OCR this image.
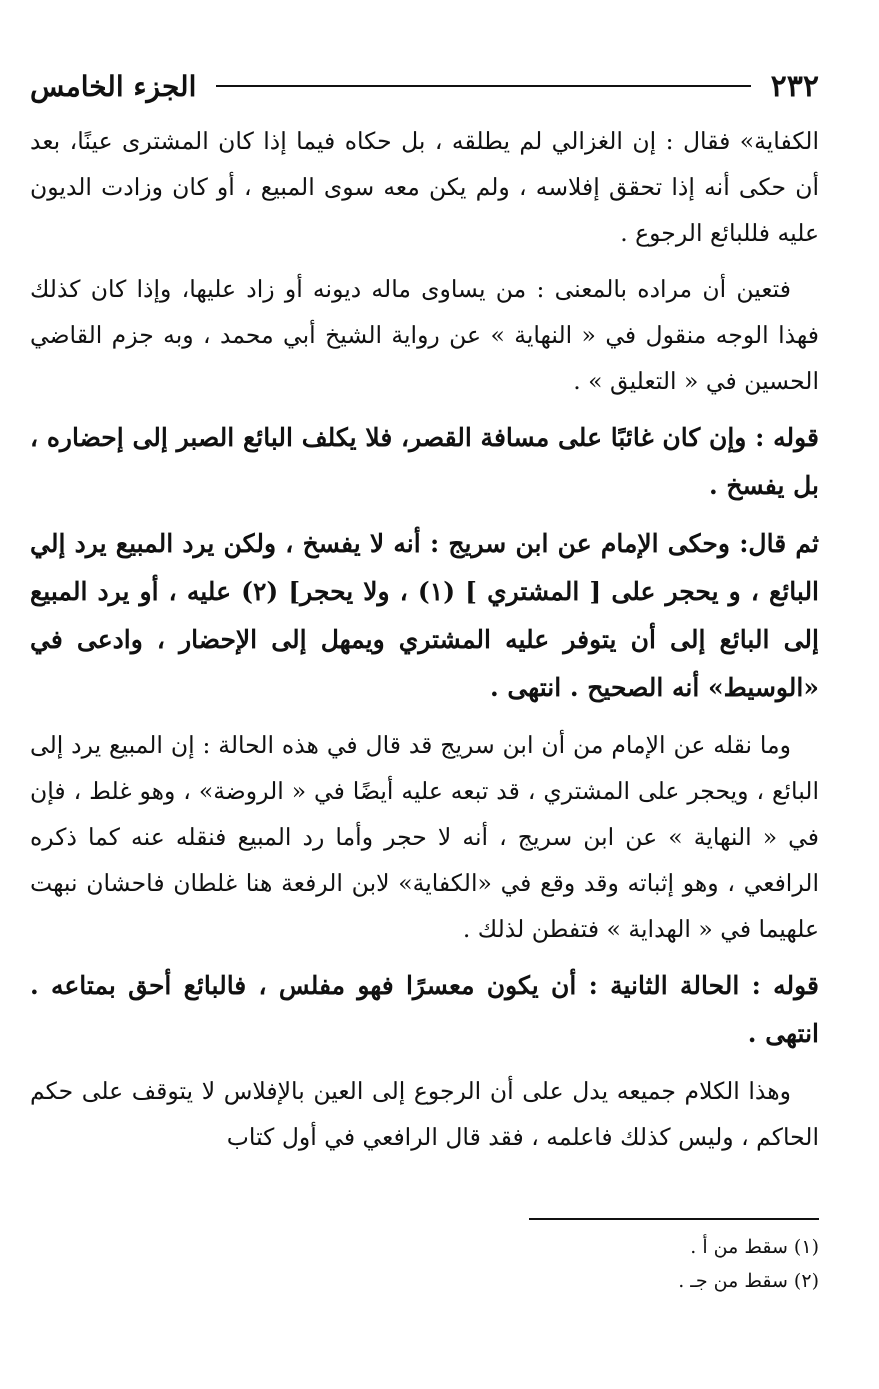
٢٣٢
الجزء الخامس

الكفاية» فقال : إن الغزالي لم يطلقه ، بل حكاه فيما إذا كان المشترى عينًا، بعد أن حكى أنه إذا تحقق إفلاسه ، ولم يكن معه سوى المبيع ، أو كان وزادت الديون عليه فللبائع الرجوع .

فتعين أن مراده بالمعنى : من يساوى ماله ديونه أو زاد عليها، وإذا كان كذلك فهذا الوجه منقول في « النهاية » عن رواية الشيخ أبي محمد ، وبه جزم القاضي الحسين في « التعليق » .

قوله : وإن كان غائبًا على مسافة القصر، فلا يكلف البائع الصبر إلى إحضاره ، بل يفسخ .

ثم قال: وحكى الإمام عن ابن سريج : أنه لا يفسخ ، ولكن يرد المبيع يرد إلي البائع ، و يحجر على [ المشتري ] (١) ، ولا يحجر] (٢) عليه ، أو يرد المبيع إلى البائع إلى أن يتوفر عليه المشتري ويمهل إلى الإحضار ، وادعى في «الوسيط» أنه الصحيح . انتهى .

وما نقله عن الإمام من أن ابن سريج قد قال في هذه الحالة : إن المبيع يرد إلى البائع ، ويحجر على المشتري ، قد تبعه عليه أيضًا في « الروضة» ، وهو غلط ، فإن في « النهاية » عن ابن سريج ، أنه لا حجر وأما رد المبيع فنقله عنه كما ذكره الرافعي ، وهو إثباته وقد وقع في «الكفاية» لابن الرفعة هنا غلطان فاحشان نبهت علهيما في « الهداية » فتفطن لذلك .

قوله : الحالة الثانية : أن يكون معسرًا فهو مفلس ، فالبائع أحق بمتاعه . انتهى .

وهذا الكلام جميعه يدل على أن الرجوع إلى العين بالإفلاس لا يتوقف على حكم الحاكم ، وليس كذلك فاعلمه ، فقد قال الرافعي في أول كتاب

(١) سقط من أ .
(٢) سقط من جـ .
